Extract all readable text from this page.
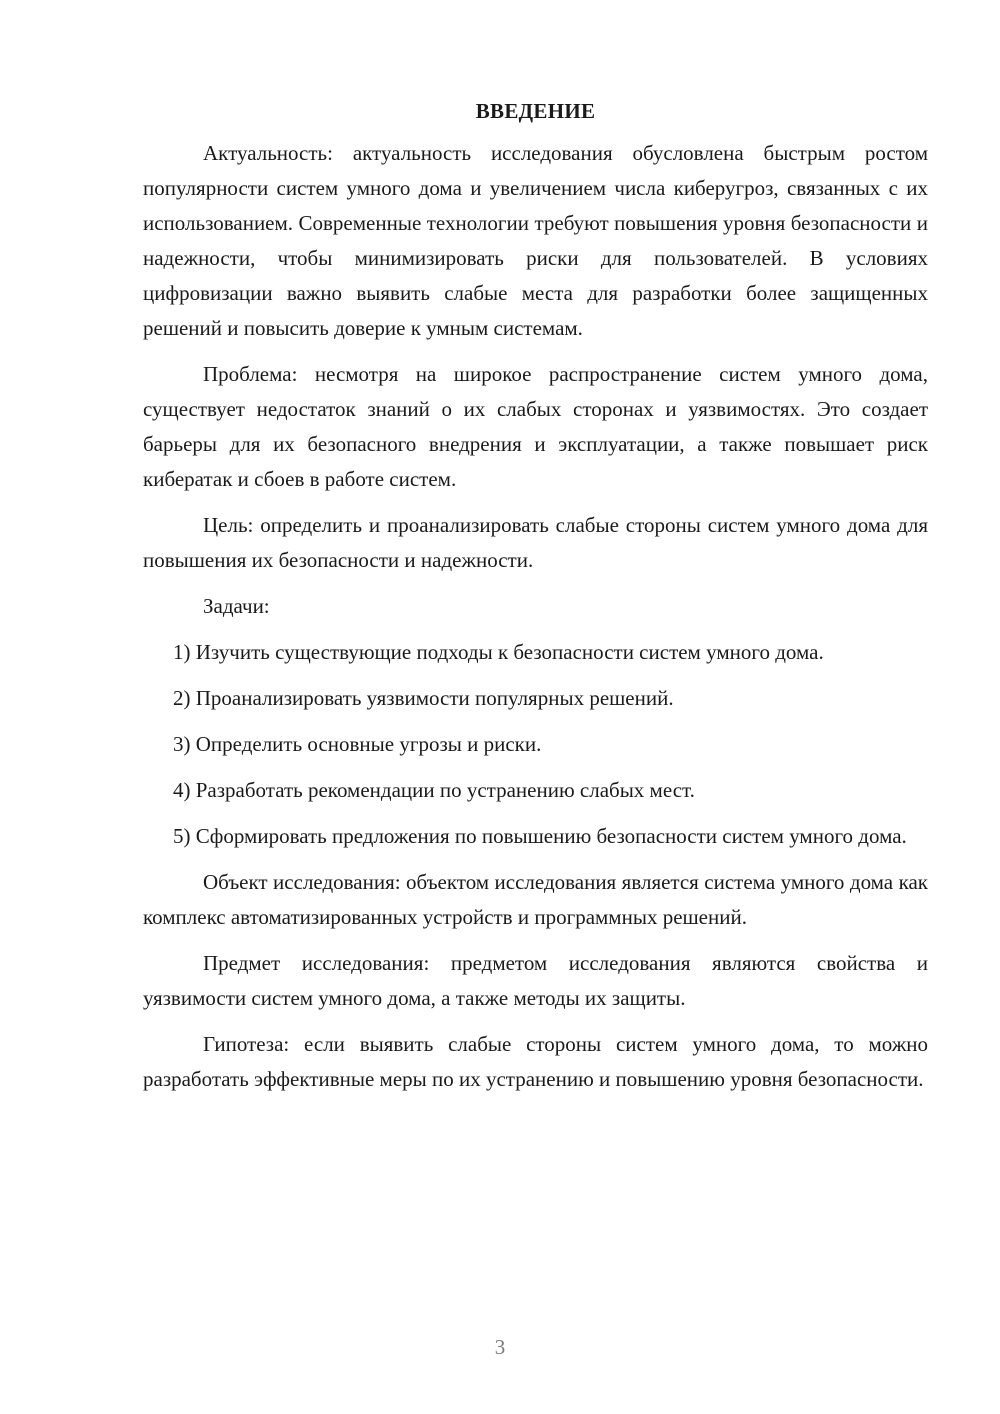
ВВЕДЕНИЕ

Актуальность: актуальность исследования обусловлена быстрым ростом популярности систем умного дома и увеличением числа киберугроз, связанных с их использованием. Современные технологии требуют повышения уровня безопасности и надежности, чтобы минимизировать риски для пользователей. В условиях цифровизации важно выявить слабые места для разработки более защищенных решений и повысить доверие к умным системам.

Проблема: несмотря на широкое распространение систем умного дома, существует недостаток знаний о их слабых сторонах и уязвимостях. Это создает барьеры для их безопасного внедрения и эксплуатации, а также повышает риск кибератак и сбоев в работе систем.

Цель: определить и проанализировать слабые стороны систем умного дома для повышения их безопасности и надежности.

Задачи:

1) Изучить существующие подходы к безопасности систем умного дома.

2) Проанализировать уязвимости популярных решений.

3) Определить основные угрозы и риски.

4) Разработать рекомендации по устранению слабых мест.

5) Сформировать предложения по повышению безопасности систем умного дома.

Объект исследования: объектом исследования является система умного дома как комплекс автоматизированных устройств и программных решений.

Предмет исследования: предметом исследования являются свойства и уязвимости систем умного дома, а также методы их защиты.

Гипотеза: если выявить слабые стороны систем умного дома, то можно разработать эффективные меры по их устранению и повышению уровня безопасности.

3
